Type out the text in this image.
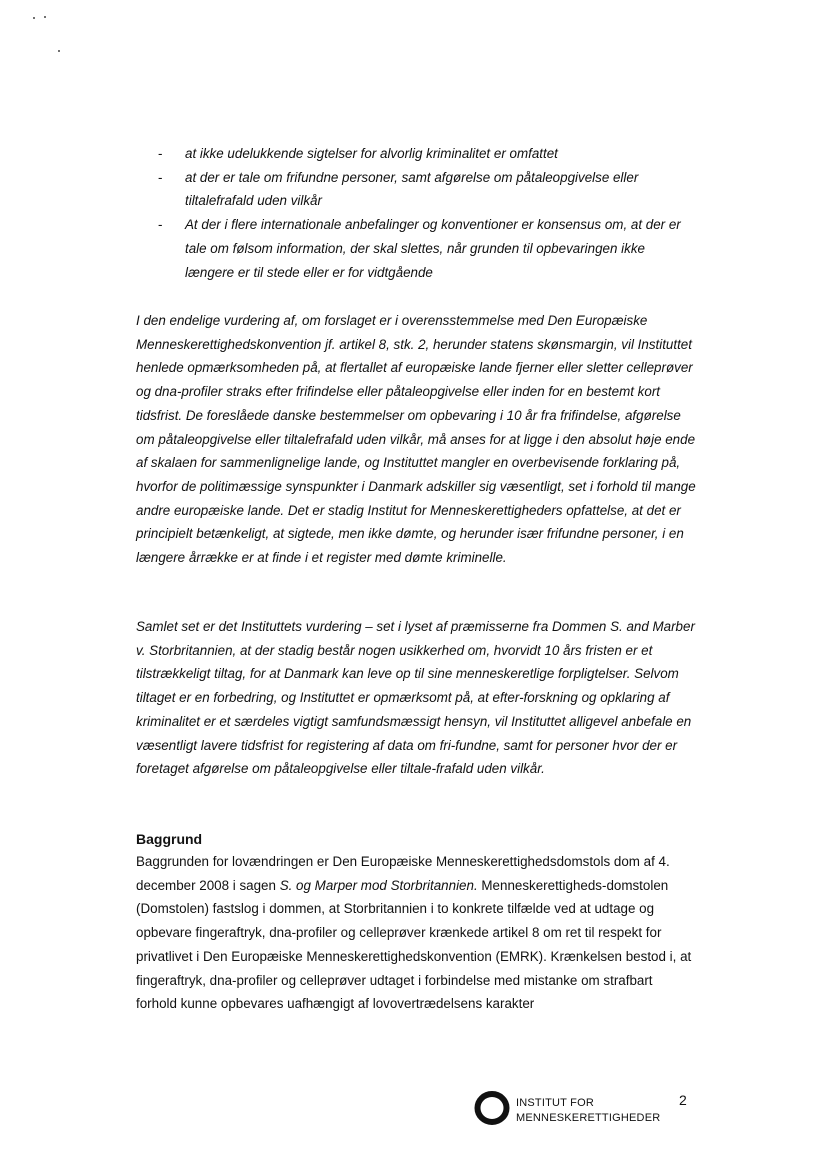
- at ikke udelukkende sigtelser for alvorlig kriminalitet er omfattet
- at der er tale om frifundne personer, samt afgørelse om påtaleopgivelse eller tiltalefrafald uden vilkår
- At der i flere internationale anbefalinger og konventioner er konsensus om, at der er tale om følsom information, der skal slettes, når grunden til opbevaringen ikke længere er til stede eller er for vidtgående

I den endelige vurdering af, om forslaget er i overensstemmelse med Den Europæiske Menneskerettighedskonvention jf. artikel 8, stk. 2, herunder statens skønsmargin, vil Instituttet henlede opmærksomheden på, at flertallet af europæiske lande fjerner eller sletter celleprøver og dna-profiler straks efter frifindelse eller påtaleopgivelse eller inden for en bestemt kort tidsfrist. De foreslåede danske bestemmelser om opbevaring i 10 år fra frifindelse, afgørelse om påtaleopgivelse eller tiltalefrafald uden vilkår, må anses for at ligge i den absolut høje ende af skalaen for sammenlignelige lande, og Instituttet mangler en overbevisende forklaring på, hvorfor de politimæssige synspunkter i Danmark adskiller sig væsentligt, set i forhold til mange andre europæiske lande. Det er stadig Institut for Menneskerettigheders opfattelse, at det er principielt betænkeligt, at sigtede, men ikke dømte, og herunder især frifundne personer, i en længere årrække er at finde i et register med dømte kriminelle.

Samlet set er det Instituttets vurdering – set i lyset af præmisserne fra Dommen S. and Marber v. Storbritannien, at der stadig består nogen usikkerhed om, hvorvidt 10 års fristen er et tilstrækkeligt tiltag, for at Danmark kan leve op til sine menneskeretlige forpligtelser. Selvom tiltaget er en forbedring, og Instituttet er opmærksomt på, at efter-forskning og opklaring af kriminalitet er et særdeles vigtigt samfundsmæssigt hensyn, vil Instituttet alligevel anbefale en væsentligt lavere tidsfrist for registering af data om fri-fundne, samt for personer hvor der er foretaget afgørelse om påtaleopgivelse eller tiltale-frafald uden vilkår.

Baggrund

Baggrunden for lovændringen er Den Europæiske Menneskerettighedsdomstols dom af 4. december 2008 i sagen S. og Marper mod Storbritannien. Menneskerettigheds-domstolen (Domstolen) fastslog i dommen, at Storbritannien i to konkrete tilfælde ved at udtage og opbevare fingeraftryk, dna-profiler og celleprøver krænkede artikel 8 om ret til respekt for privatlivet i Den Europæiske Menneskerettighedskonvention (EMRK). Krænkelsen bestod i, at fingeraftryk, dna-profiler og celleprøver udtaget i forbindelse med mistanke om strafbart forhold kunne opbevares uafhængigt af lovovertrædelsens karakter

INSTITUT FOR
MENNESKERETTIGHEDER
2
